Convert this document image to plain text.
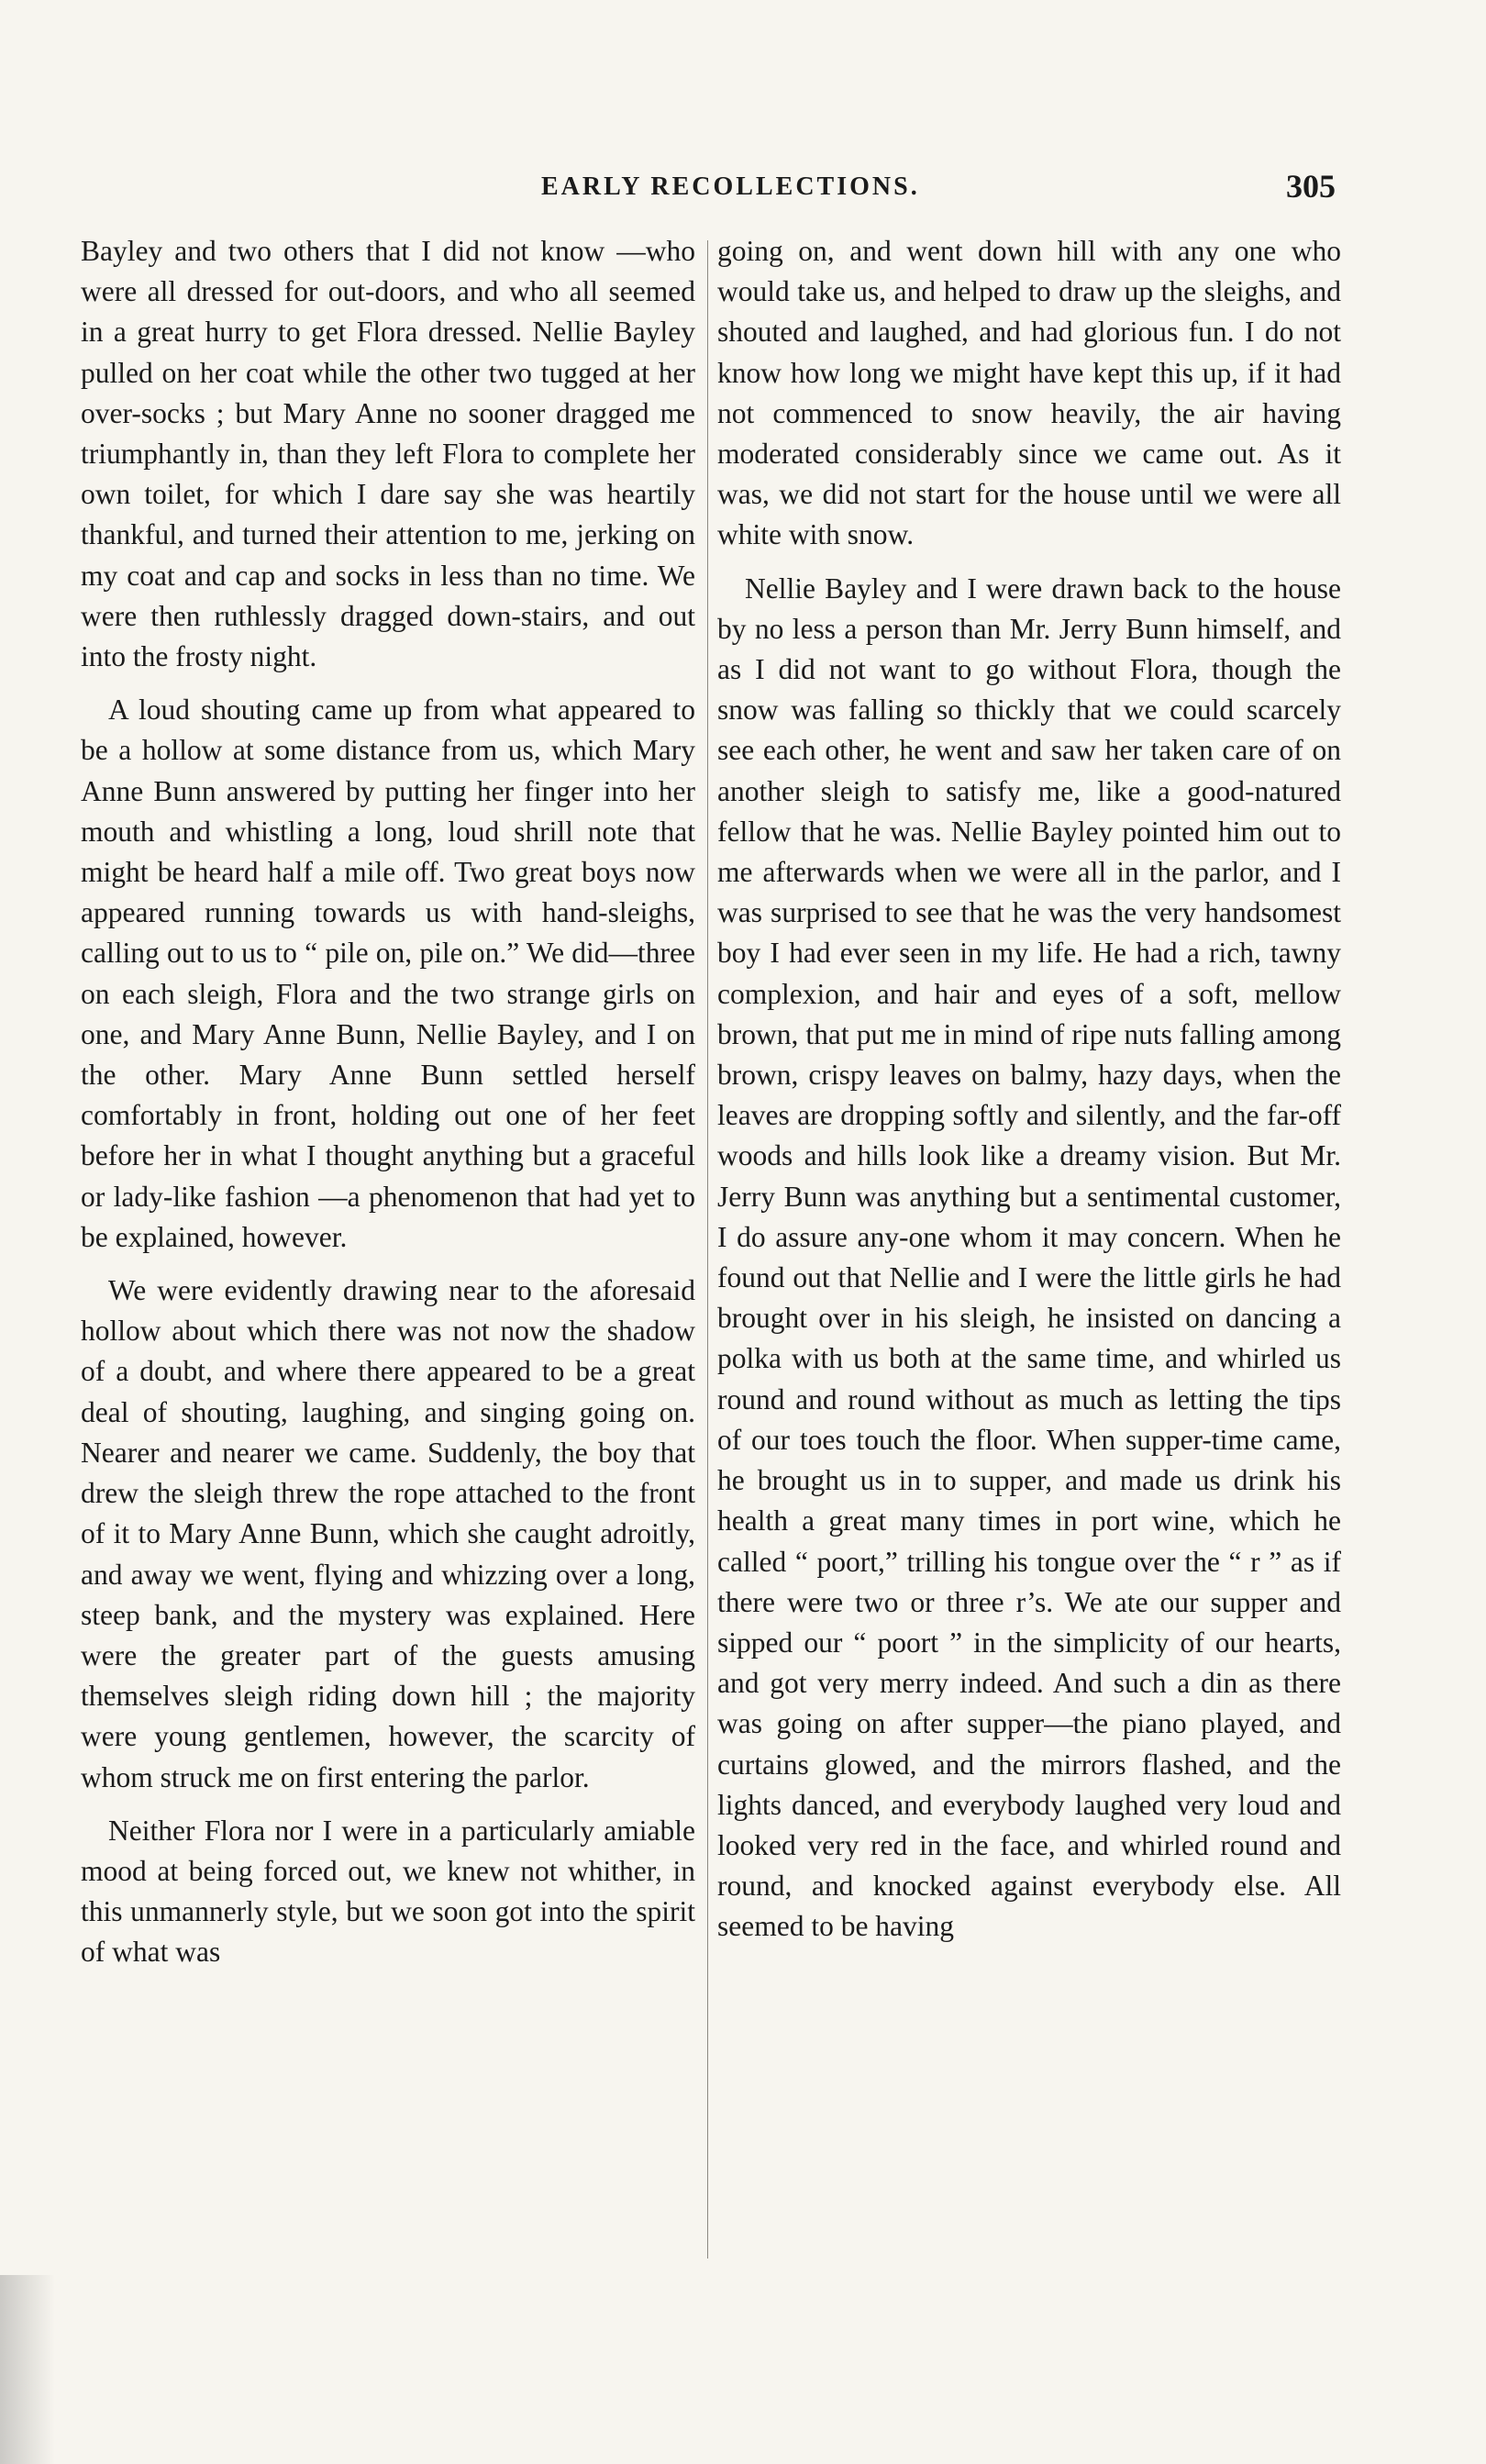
EARLY RECOLLECTIONS.	305

Bayley and two others that I did not know —who were all dressed for out-doors, and who all seemed in a great hurry to get Flora dressed. Nellie Bayley pulled on her coat while the other two tugged at her over-socks ; but Mary Anne no sooner dragged me triumphantly in, than they left Flora to complete her own toilet, for which I dare say she was heartily thankful, and turned their attention to me, jerking on my coat and cap and socks in less than no time. We were then ruthlessly dragged down-stairs, and out into the frosty night.

A loud shouting came up from what appeared to be a hollow at some distance from us, which Mary Anne Bunn answered by putting her finger into her mouth and whistling a long, loud shrill note that might be heard half a mile off. Two great boys now appeared running towards us with hand-sleighs, calling out to us to “ pile on, pile on.” We did—three on each sleigh, Flora and the two strange girls on one, and Mary Anne Bunn, Nellie Bayley, and I on the other. Mary Anne Bunn settled herself comfortably in front, holding out one of her feet before her in what I thought anything but a graceful or lady-like fashion —a phenomenon that had yet to be explained, however.

We were evidently drawing near to the aforesaid hollow about which there was not now the shadow of a doubt, and where there appeared to be a great deal of shouting, laughing, and singing going on. Nearer and nearer we came. Suddenly, the boy that drew the sleigh threw the rope attached to the front of it to Mary Anne Bunn, which she caught adroitly, and away we went, flying and whizzing over a long, steep bank, and the mystery was explained. Here were the greater part of the guests amusing themselves sleigh riding down hill ; the majority were young gentlemen, however, the scarcity of whom struck me on first entering the parlor.

Neither Flora nor I were in a particularly amiable mood at being forced out, we knew not whither, in this unmannerly style, but we soon got into the spirit of what was

going on, and went down hill with any one who would take us, and helped to draw up the sleighs, and shouted and laughed, and had glorious fun. I do not know how long we might have kept this up, if it had not commenced to snow heavily, the air having moderated considerably since we came out. As it was, we did not start for the house until we were all white with snow.

Nellie Bayley and I were drawn back to the house by no less a person than Mr. Jerry Bunn himself, and as I did not want to go without Flora, though the snow was falling so thickly that we could scarcely see each other, he went and saw her taken care of on another sleigh to satisfy me, like a good-natured fellow that he was. Nellie Bayley pointed him out to me afterwards when we were all in the parlor, and I was surprised to see that he was the very handsomest boy I had ever seen in my life. He had a rich, tawny complexion, and hair and eyes of a soft, mellow brown, that put me in mind of ripe nuts falling among brown, crispy leaves on balmy, hazy days, when the leaves are dropping softly and silently, and the far-off woods and hills look like a dreamy vision. But Mr. Jerry Bunn was anything but a sentimental customer, I do assure any-one whom it may concern. When he found out that Nellie and I were the little girls he had brought over in his sleigh, he insisted on dancing a polka with us both at the same time, and whirled us round and round without as much as letting the tips of our toes touch the floor. When supper-time came, he brought us in to supper, and made us drink his health a great many times in port wine, which he called “ poort,” trilling his tongue over the “ r ” as if there were two or three r’s. We ate our supper and sipped our “ poort ” in the simplicity of our hearts, and got very merry indeed. And such a din as there was going on after supper—the piano played, and curtains glowed, and the mirrors flashed, and the lights danced, and everybody laughed very loud and looked very red in the face, and whirled round and round, and knocked against everybody else. All seemed to be having
